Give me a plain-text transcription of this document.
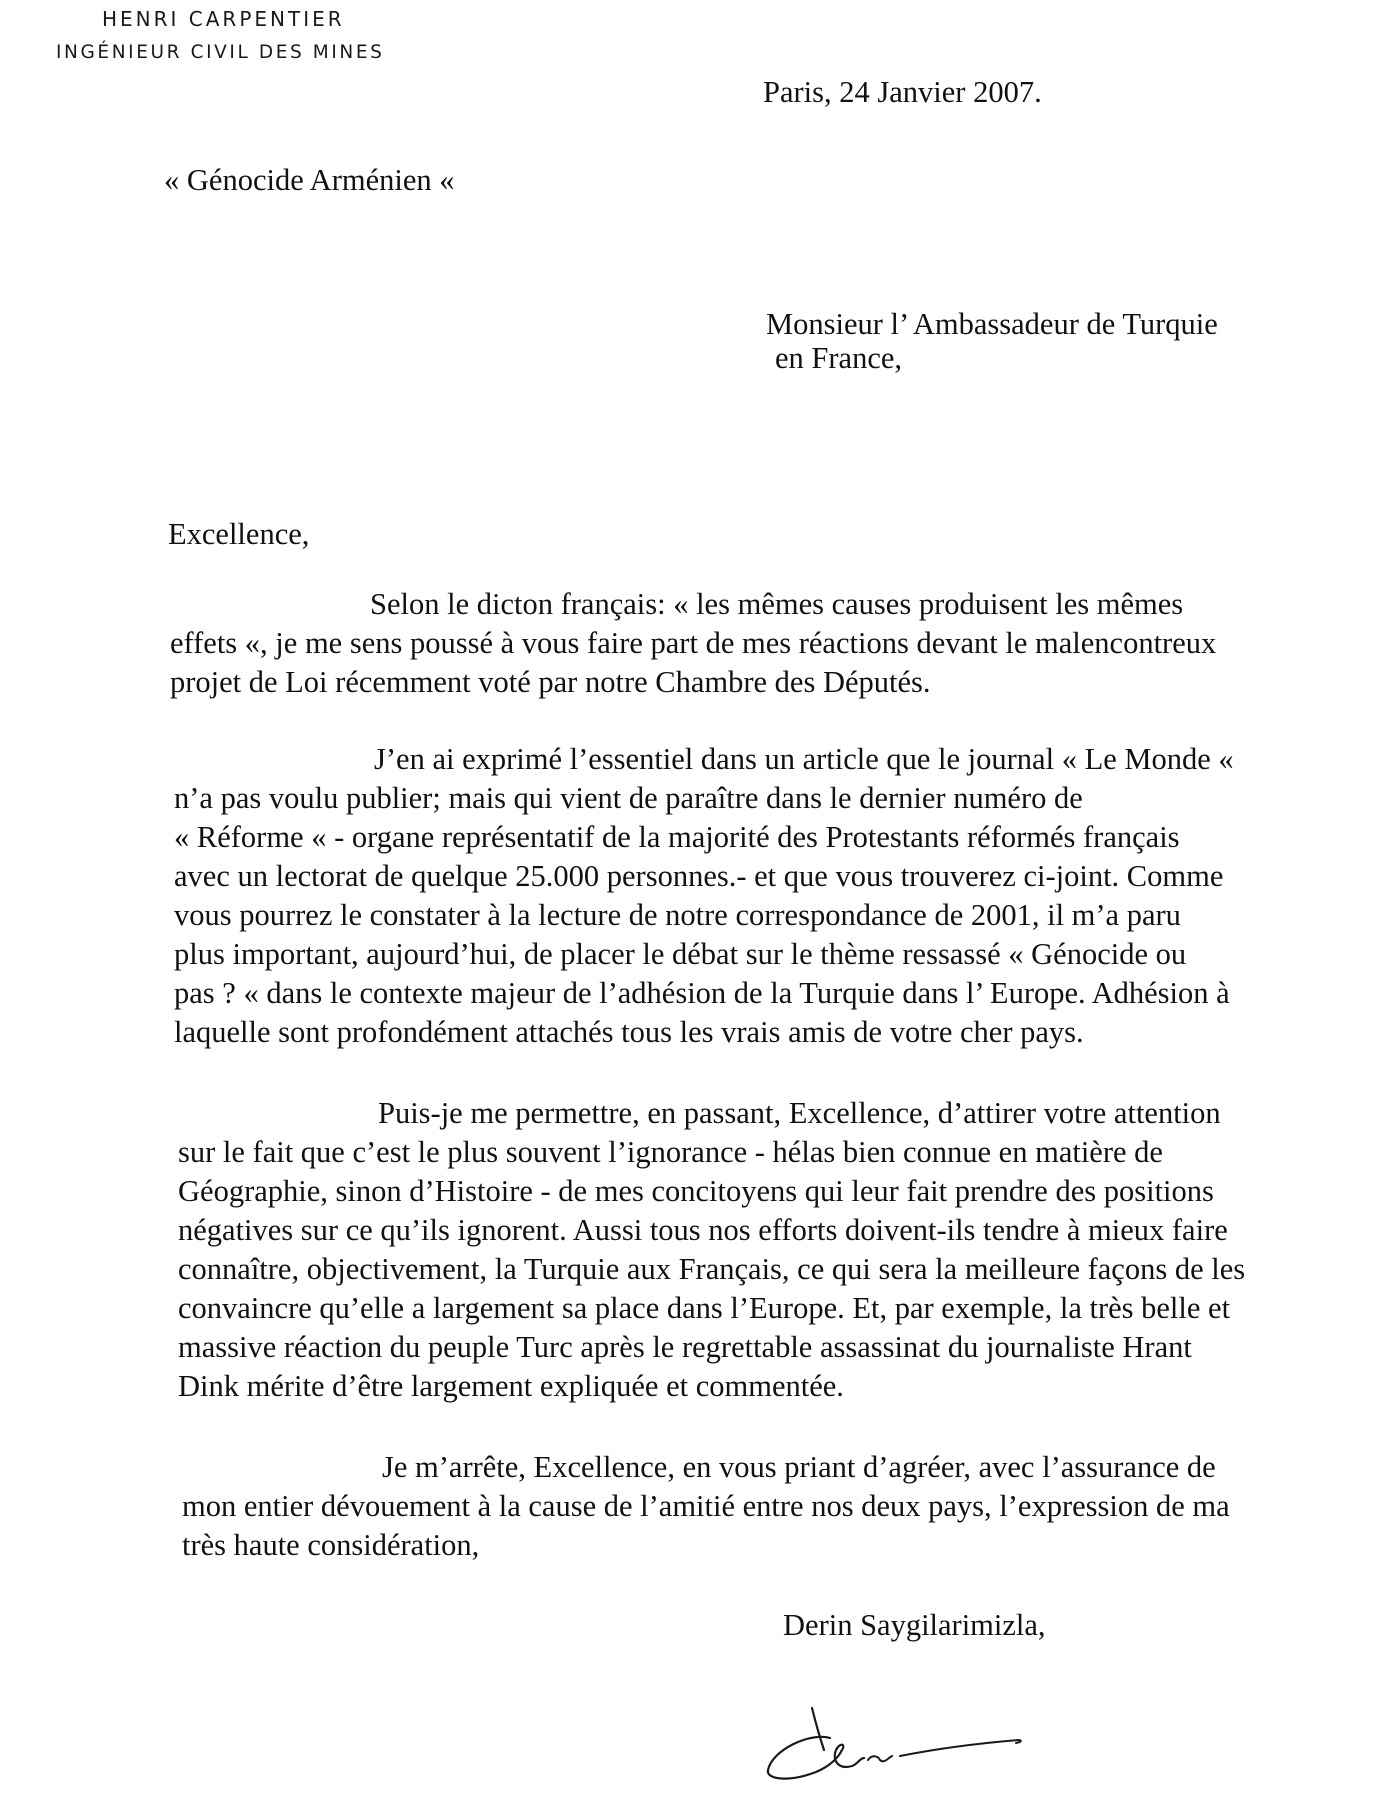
HENRI CARPENTIER
INGÉNIEUR CIVIL DES MINES

Paris, 24 Janvier 2007.

« Génocide Arménien «

Monsieur l’ Ambassadeur de Turquie
en France,

Excellence,

Selon le dicton français: « les mêmes causes produisent les mêmes
effets «, je me sens poussé à vous faire part de mes réactions devant le malencontreux
projet de Loi récemment voté par notre Chambre des Députés.
J’en ai exprimé l’essentiel dans un article que le journal « Le Monde «
n’a pas voulu publier; mais qui vient de paraître dans le dernier numéro de
« Réforme « - organe représentatif de la majorité des Protestants réformés français
avec un lectorat de quelque 25.000 personnes.- et que vous trouverez ci-joint. Comme
vous pourrez le constater à la lecture de notre correspondance de 2001, il m’a paru
plus important, aujourd’hui, de placer le débat sur le thème ressassé « Génocide ou
pas ? « dans le contexte majeur de l’adhésion de la Turquie dans l’ Europe. Adhésion à
laquelle sont profondément attachés tous les vrais amis de votre cher pays.
Puis-je me permettre, en passant, Excellence, d’attirer votre attention
sur le fait que c’est le plus souvent l’ignorance - hélas bien connue en matière de
Géographie, sinon d’Histoire - de mes concitoyens qui leur fait prendre des positions
négatives sur ce qu’ils ignorent. Aussi tous nos efforts doivent-ils tendre à mieux faire
connaître, objectivement, la Turquie aux Français, ce qui sera la meilleure façons de les
convaincre qu’elle a largement sa place dans l’Europe. Et, par exemple, la très belle et
massive réaction du peuple Turc après le regrettable assassinat du journaliste Hrant
Dink mérite d’être largement expliquée et commentée.
Je m’arrête, Excellence, en vous priant d’agréer, avec l’assurance de
mon entier dévouement à la cause de l’amitié entre nos deux pays, l’expression de ma
très haute considération,

Derin Saygilarimizla,
